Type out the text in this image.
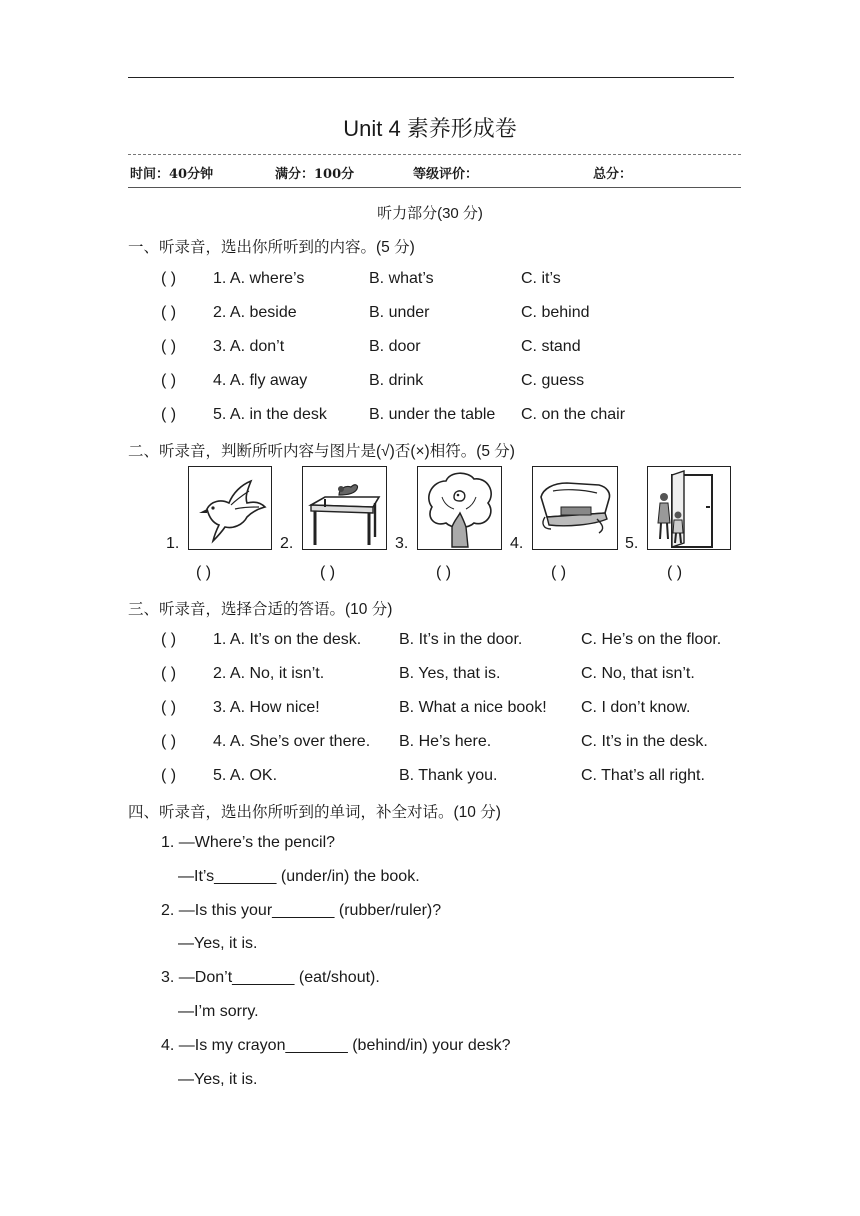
Unit 4 素养形成卷
时间：40分钟	满分：100分	等级评价：	总分：
听力部分(30 分)
一、听录音，选出你所听到的内容。(5 分)
( ) 1. A. where’s	B. what’s	C. it’s
( ) 2. A. beside	B. under	C. behind
( ) 3. A. don’t	B. door	C. stand
( ) 4. A. fly away	B. drink	C. guess
( ) 5. A. in the desk	B. under the table C. on the chair
二、听录音，判断所听内容与图片是(√)否(×)相符。(5 分)
1.	2.	3.	4.	5.
( )	( )	( )	( )	( )
三、听录音，选择合适的答语。(10 分)
( ) 1. A. It’s on the desk. B. It’s in the door.	C. He’s on the floor.
( ) 2. A. No, it isn’t.	B. Yes, that is.	C. No, that isn’t.
( ) 3. A. How nice!	B. What a nice book! C. I don’t know.
( ) 4. A. She’s over there. B. He’s here.	C. It’s in the desk.
( ) 5. A. OK.	B. Thank you.	C. That’s all right.
四、听录音，选出你所听到的单词，补全对话。(10 分)
1. —Where’s the pencil?
—It’s_______ (under/in) the book.
2. —Is this your_______ (rubber/ruler)?
—Yes, it is.
3. —Don’t_______ (eat/shout).
—I’m sorry.
4. —Is my crayon_______ (behind/in) your desk?
—Yes, it is.
